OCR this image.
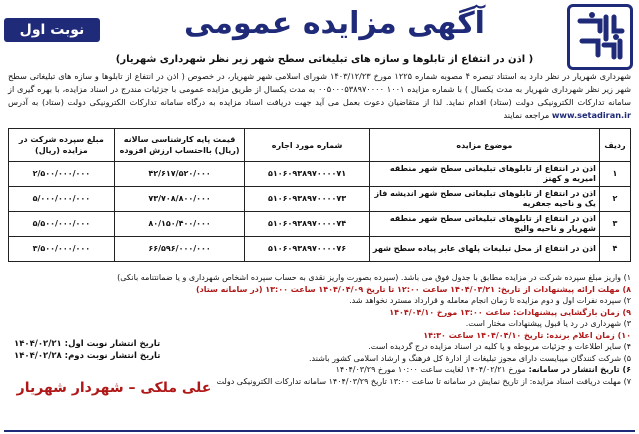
آگهی مزایده عمومی
نوبت اول
( اذن در انتفاع از تابلوها و سازه های تبلیغاتی سطح شهر زیر نظر شهرداری شهریار)
شهرداری شهریار در نظر دارد به استناد تبصره ۴ مصوبه شماره ۱۲۲۵ مورخ ۱۴۰۳/۱۲/۲۳ شورای اسلامی شهر شهریار، در خصوص ( اذن در انتفاع از تابلوها و سازه های تبلیغاتی سطح شهر زیر نظر شهرداری شهریار به مدت یکسال ) با شماره مزایده ۱۰۰۱ ۰۰۵۰۰۰۵۳۸۹۷۰۰۰۰ به مدت یکسال از طریق مزایده عمومی با جزئیات مندرج در اسناد مزایده، با بهره گیری از سامانه تدارکات الکترونیکی دولت (ستاد) اقدام نماید. لذا از متقاضیان دعوت بعمل می آید جهت دریافت اسناد مزایده به درگاه سامانه تدارکات الکترونیکی دولت (ستاد) به آدرس www.setadiran.ir مراجعه نمایند
ردیف	موضوع مزایده	شماره مورد اجاره	قیمت پایه کارشناسی سالانه (ریال) بااحتساب ارزش افزوده	مبلغ سپرده شرکت در مزایده (ریال)
۱	اذن در انتفاع از تابلوهای تبلیغاتی سطح شهر منطقه امیریه و کهنز	۵۱۰۶۰۹۳۸۹۷۰۰۰۰۷۱	۴۲/۶۱۷/۵۲۰/۰۰۰	۲/۵۰۰/۰۰۰/۰۰۰
۲	اذن در انتفاع از تابلوهای تبلیغاتی سطح شهر اندیشه فاز یک و ناحیه جعفریه	۵۱۰۶۰۹۳۸۹۷۰۰۰۰۷۳	۷۳/۷۰۸/۸۰۰/۰۰۰	۵/۰۰۰/۰۰۰/۰۰۰
۳	اذن در انتفاع از تابلوهای تبلیغاتی سطح شهر منطقه شهریار و ناحیه والیج	۵۱۰۶۰۹۳۸۹۷۰۰۰۰۷۴	۸۰/۱۵۰/۴۰۰/۰۰۰	۵/۵۰۰/۰۰۰/۰۰۰
۴	اذن در انتفاع از محل تبلیغات پلهای عابر پیاده سطح شهر	۵۱۰۶۰۹۳۸۹۷۰۰۰۰۷۶	۶۶/۵۹۶/۰۰۰/۰۰۰	۳/۵۰۰/۰۰۰/۰۰۰
۱) واریز مبلغ سپرده شرکت در مزایده مطابق با جدول فوق می باشد. (سپرده بصورت واریز نقدی به حساب سپرده اشخاص شهرداری و یا ضمانتنامه بانکی)
۸) مهلت ارائه پیشنهادات از تاریخ: ۱۴۰۴/۰۳/۲۱ ساعت ۱۲:۰۰ تا تاریخ ۱۴۰۴/۰۴/۰۹ ساعت ۱۳:۰۰ (در سامانه ستاد)
۲) سپرده نفرات اول و دوم مزایده تا زمان انجام معامله و قرارداد مسترد نخواهد شد.
۹) زمان بازگشایی پیشنهادات: ساعت ۱۳:۰۰ مورخ ۱۴۰۴/۰۴/۱۰
۳) شهرداری در رد یا قبول پیشنهادات مختار است.
۱۰) زمان اعلام برنده: تاریخ ۱۴۰۴/۰۴/۱۰ ساعت ۱۴:۳۰
۴) سایر اطلاعات و جزئیات مربوطه و یا کلیه در اسناد مزایده درج گردیده است.
۵) شرکت کنندگان میبایست دارای مجوز تبلیغات از ادارهٔ کل فرهنگ و ارشاد اسلامی کشور باشند.
۶) تاریخ انتشار در سامانه: مورخ ۱۴۰۴/۰۲/۲۱ لغایت ساعت ۱۰:۰۰ مورخ ۱۴۰۴/۰۳/۲۹
۷) مهلت دریافت اسناد مزایده: از تاریخ نمایش در سامانه تا ساعت ۱۳:۰۰ تاریخ ۱۴۰۴/۰۳/۲۹ سامانه تدارکات الکترونیکی دولت
تاریخ انتشار نوبت اول: ۱۴۰۴/۰۲/۲۱
تاریخ انتشار نوبت دوم: ۱۴۰۴/۰۲/۲۸
علی ملکی – شهردار شهریار
